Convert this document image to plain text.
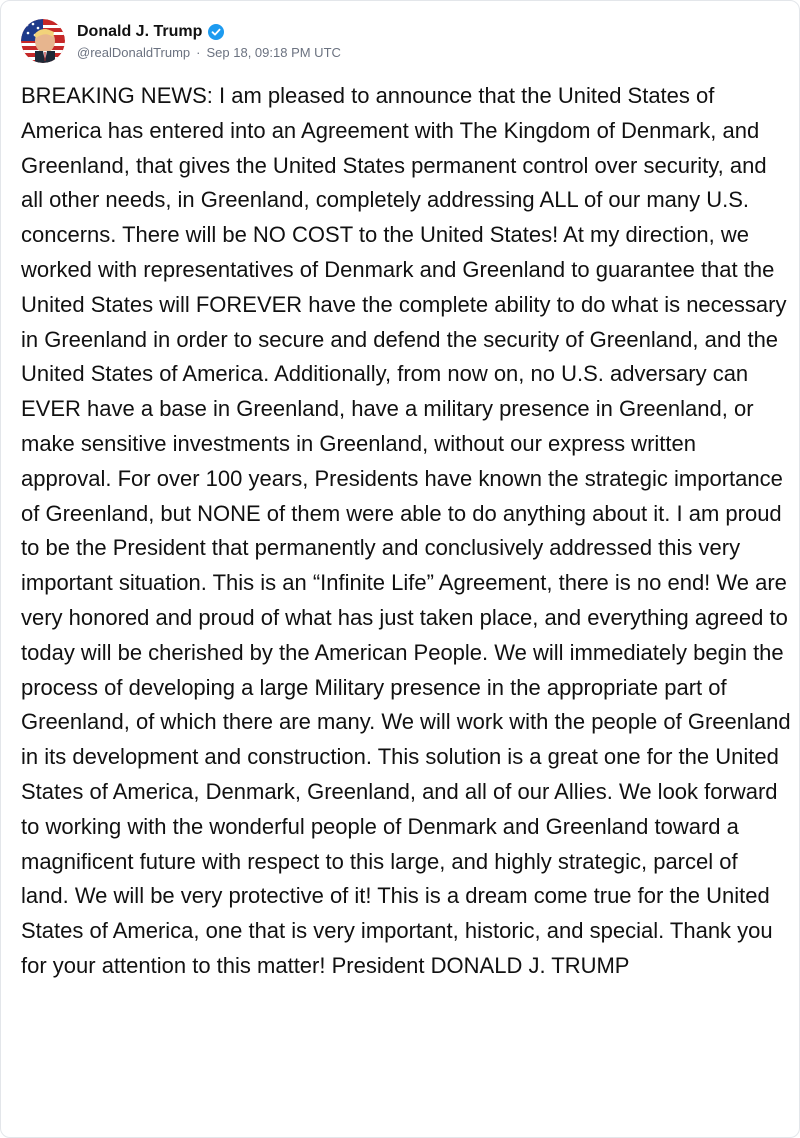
Donald J. Trump
@realDonaldTrump · Sep 18, 09:18 PM UTC
BREAKING NEWS: I am pleased to announce that the United States of America has entered into an Agreement with The Kingdom of Denmark, and Greenland, that gives the United States permanent control over security, and all other needs, in Greenland, completely addressing ALL of our many U.S. concerns. There will be NO COST to the United States! At my direction, we worked with representatives of Denmark and Greenland to guarantee that the United States will FOREVER have the complete ability to do what is necessary in Greenland in order to secure and defend the security of Greenland, and the United States of America. Additionally, from now on, no U.S. adversary can EVER have a base in Greenland, have a military presence in Greenland, or make sensitive investments in Greenland, without our express written approval. For over 100 years, Presidents have known the strategic importance of Greenland, but NONE of them were able to do anything about it. I am proud to be the President that permanently and conclusively addressed this very important situation. This is an “Infinite Life” Agreement, there is no end! We are very honored and proud of what has just taken place, and everything agreed to today will be cherished by the American People. We will immediately begin the process of developing a large Military presence in the appropriate part of Greenland, of which there are many. We will work with the people of Greenland in its development and construction. This solution is a great one for the United States of America, Denmark, Greenland, and all of our Allies. We look forward to working with the wonderful people of Denmark and Greenland toward a magnificent future with respect to this large, and highly strategic, parcel of land. We will be very protective of it! This is a dream come true for the United States of America, one that is very important, historic, and special. Thank you for your attention to this matter! President DONALD J. TRUMP
